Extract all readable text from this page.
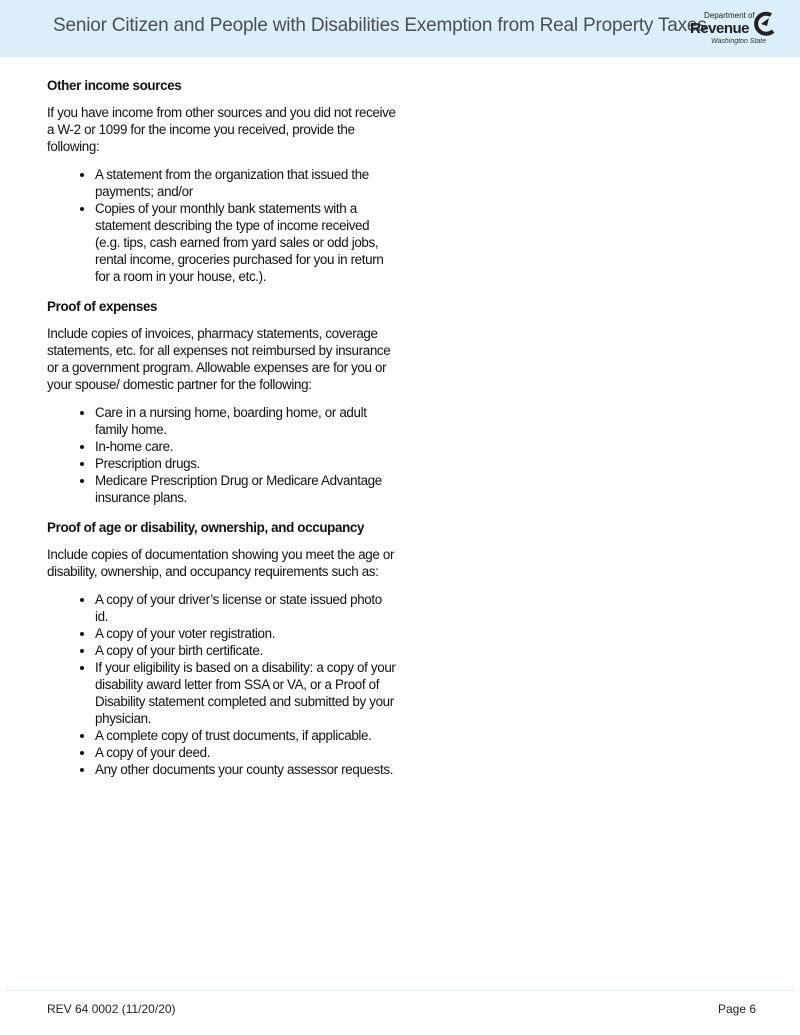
Senior Citizen and People with Disabilities Exemption from Real Property Taxes
Department of
Revenue
Washington State
Other income sources

If you have income from other sources and you did not receive a W-2 or 1099 for the income you received, provide the following:

• A statement from the organization that issued the payments; and/or
• Copies of your monthly bank statements with a statement describing the type of income received (e.g. tips, cash earned from yard sales or odd jobs, rental income, groceries purchased for you in return for a room in your house, etc.).
Proof of expenses

Include copies of invoices, pharmacy statements, coverage statements, etc. for all expenses not reimbursed by insurance or a government program. Allowable expenses are for you or your spouse/ domestic partner for the following:

• Care in a nursing home, boarding home, or adult family home.
• In-home care.
• Prescription drugs.
• Medicare Prescription Drug or Medicare Advantage insurance plans.
Proof of age or disability, ownership, and occupancy

Include copies of documentation showing you meet the age or disability, ownership, and occupancy requirements such as:

• A copy of your driver’s license or state issued photo id.
• A copy of your voter registration.
• A copy of your birth certificate.
• If your eligibility is based on a disability: a copy of your disability award letter from SSA or VA, or a Proof of Disability statement completed and submitted by your physician.
• A complete copy of trust documents, if applicable.
• A copy of your deed.
• Any other documents your county assessor requests.
REV 64 0002 (11/20/20)	Page 6
